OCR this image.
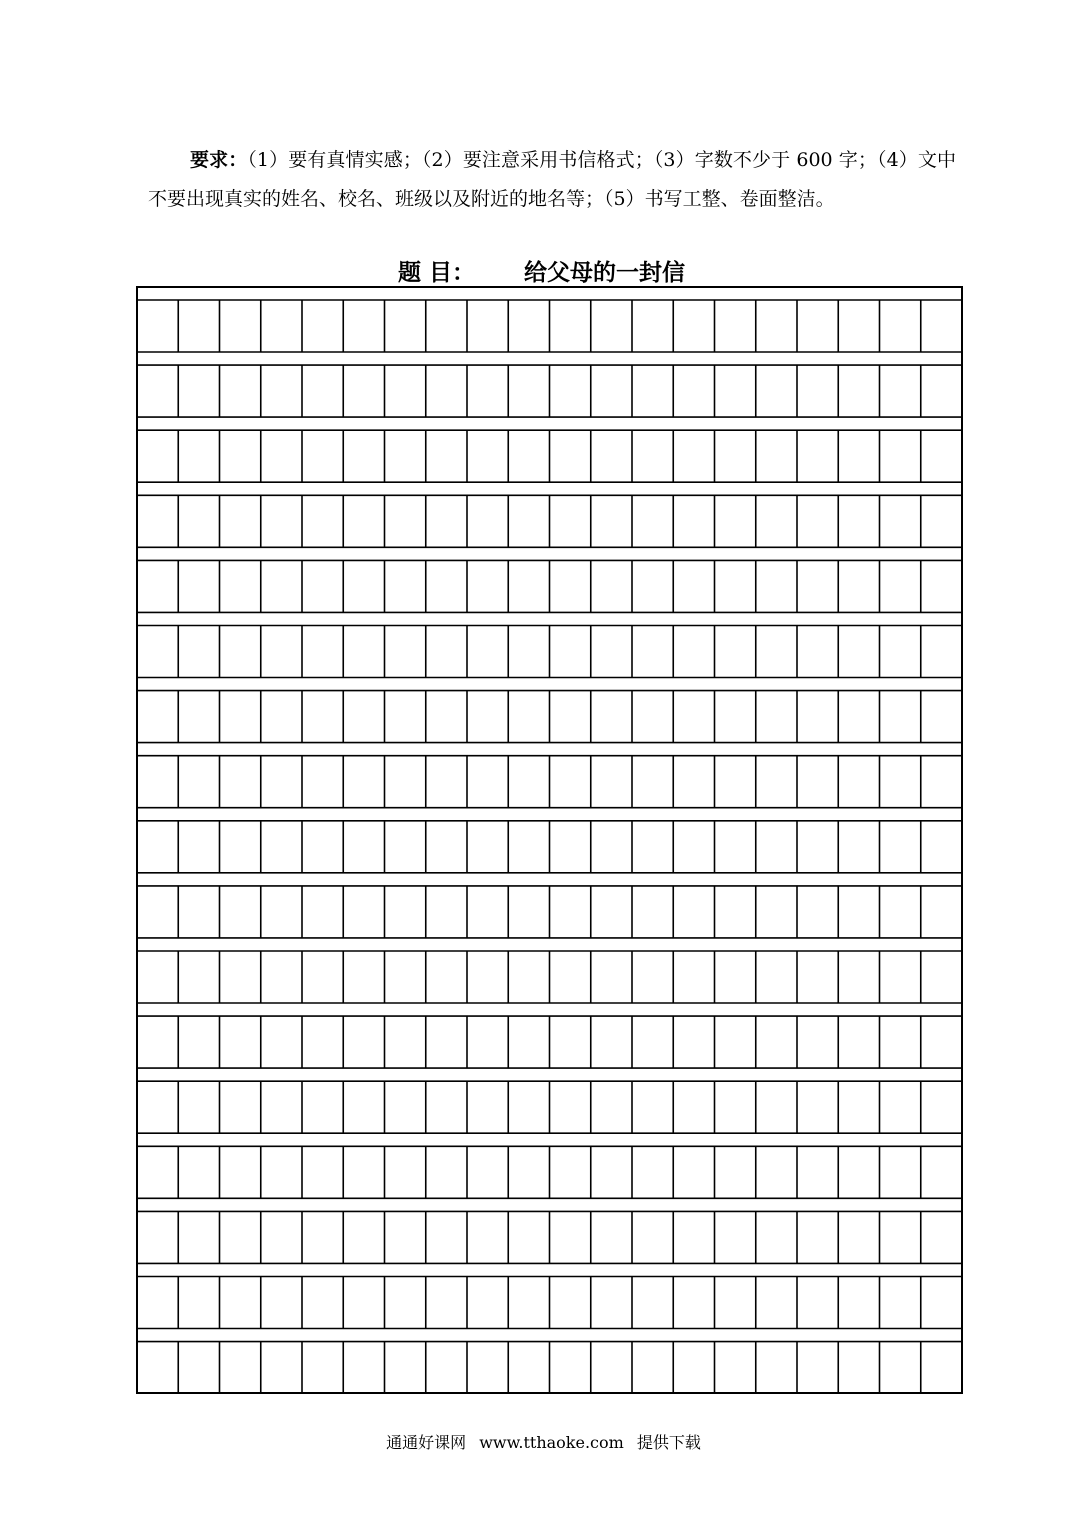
要求：（1）要有真情实感；（2）要注意采用书信格式；（3）字数不少于 600 字；（4）文中不要出现真实的姓名、校名、班级以及附近的地名等；（5）书写工整、卷面整洁。

题 目： 给父母的一封信
通通好课网 www.tthaoke.com 提供下载
